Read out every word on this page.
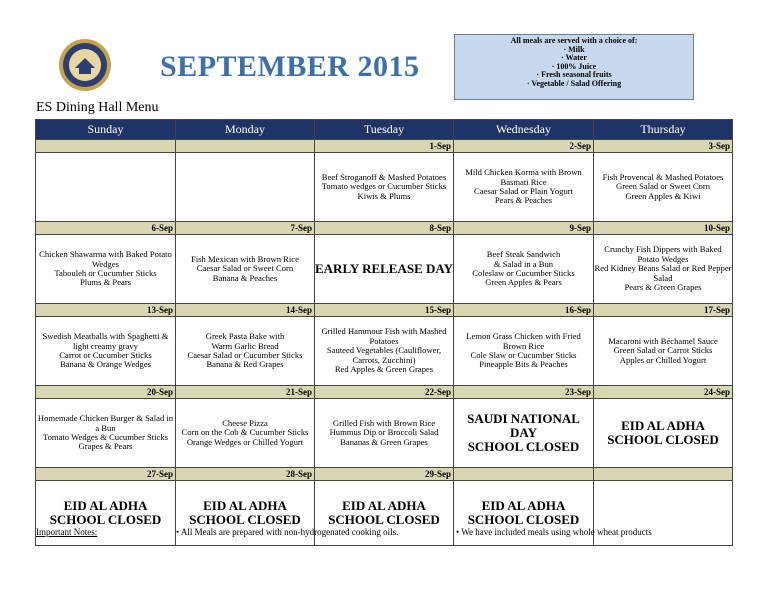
SEPTEMBER 2015
ES Dining Hall Menu
All meals are served with a choice of:
· Milk
· Water
· 100% Juice
· Fresh seasonal fruits
· Vegetable / Salad Offering
Sunday	Monday	Tuesday	Wednesday	Thursday
		1-Sep	2-Sep	3-Sep

		Beef Stroganoff & Mashed Potatoes
Tomato wedges or Cucumber Sticks
Kiwis & Plums	Mild Chicken Korma with Brown Basmati Rice
Caesar Salad or Plain Yogurt
Pears & Peaches	Fish Provencal & Mashed Potatoes
Green Salad or Sweet Corn
Green Apples & Kiwi

6-Sep	7-Sep	8-Sep	9-Sep	10-Sep

Chicken Shawarma with Baked Potato Wedges
Tabouleh or Cucumber Sticks
Plums & Pears	Fish Mexican with Brown Rice
Caesar Salad or Sweet Corn
Banana & Peaches	EARLY RELEASE DAY	Beef Steak Sandwich
& Salad in a Bun
Coleslaw or Cucumber Sticks
Green Apples & Pears	Crunchy Fish Dippers with Baked Potato Wedges
Red Kidney Beans Salad or Red Pepper Salad
Pears & Green Grapes

13-Sep	14-Sep	15-Sep	16-Sep	17-Sep

Swedish Meatballs with Spaghetti & light creamy gravy
Carrot or Cucumber Sticks
Banana & Orange Wedges	Greek Pasta Bake with
Warm Garlic Bread
Caesar Salad or Cucumber Sticks
Banana & Red Grapes	Grilled Hammour Fish with Mashed Potatoes
Sauteed Vegetables (Cauliflower, Carrots, Zucchini)
Red Apples & Green Grapes	Lemon Grass Chicken with Fried Brown Rice
Cole Slaw or Cucumber Sticks
Pineapple Bits & Peaches	Macaroni with Béchamel Sauce
Green Salad or Carrot Sticks
Apples or Chilled Yogurt

20-Sep	21-Sep	22-Sep	23-Sep	24-Sep

Homemade Chicken Burger & Salad in a Bun
Tomato Wedges & Cucumber Sticks
Grapes & Pears	Cheese Pizza
Corn on the Cob & Cucumber Sticks
Orange Wedges or Chilled Yogurt	Grilled Fish with Brown Rice
Hummus Dip or Broccoli Salad
Bananas & Green Grapes	SAUDI NATIONAL DAY
SCHOOL CLOSED	EID AL ADHA
SCHOOL CLOSED

27-Sep	28-Sep	29-Sep		

EID AL ADHA
SCHOOL CLOSED	EID AL ADHA
SCHOOL CLOSED	EID AL ADHA
SCHOOL CLOSED	EID AL ADHA
SCHOOL CLOSED	

Important Notes:	• All Meals are prepared with non-hydrogenated cooking oils.	• We have included meals using whole wheat products
